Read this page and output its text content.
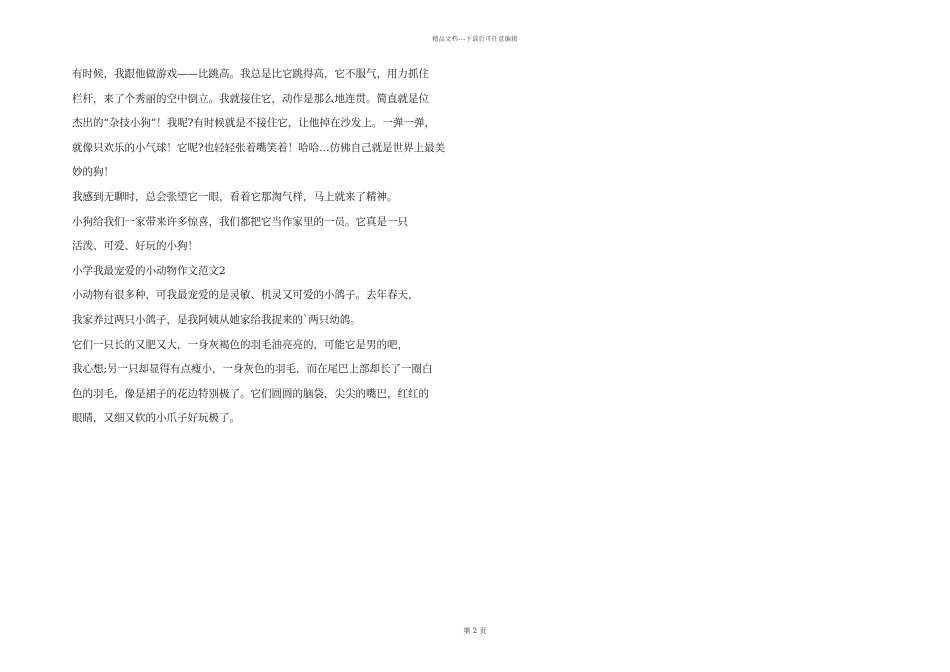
精品文档---下载后可任意编辑

有时候，我跟他做游戏——比跳高。我总是比它跳得高，它不服气，用力抓住

栏杆，来了个秀丽的空中倒立。我就接住它，动作是那么地连贯。简直就是位

杰出的“杂技小狗”！我呢?有时候就是不接住它，让他掉在沙发上。一弹一弹，

就像只欢乐的小气球！它呢?也轻轻张着嘴笑着！哈哈…仿佛自己就是世界上最美

妙的狗！

我感到无聊时，总会张望它一眼，看着它那淘气样，马上就来了精神。

小狗给我们一家带来许多惊喜，我们都把它当作家里的一员。它真是一只

活泼、可爱、好玩的小狗！

小学我最宠爱的小动物作文范文2

小动物有很多种，可我最宠爱的是灵敏、机灵又可爱的小鸽子。去年春天，

我家养过两只小鸽子，是我阿姨从她家给我捉来的`两只幼鸽。

它们一只长的又肥又大，一身灰褐色的羽毛油亮亮的，可能它是男的吧，

我心想;另一只却显得有点瘦小，一身灰色的羽毛，而在尾巴上部却长了一圈白

色的羽毛，像是裙子的花边特别极了。它们圆圆的脑袋，尖尖的嘴巴，红红的

眼睛，又细又软的小爪子好玩极了。

第 2 页
